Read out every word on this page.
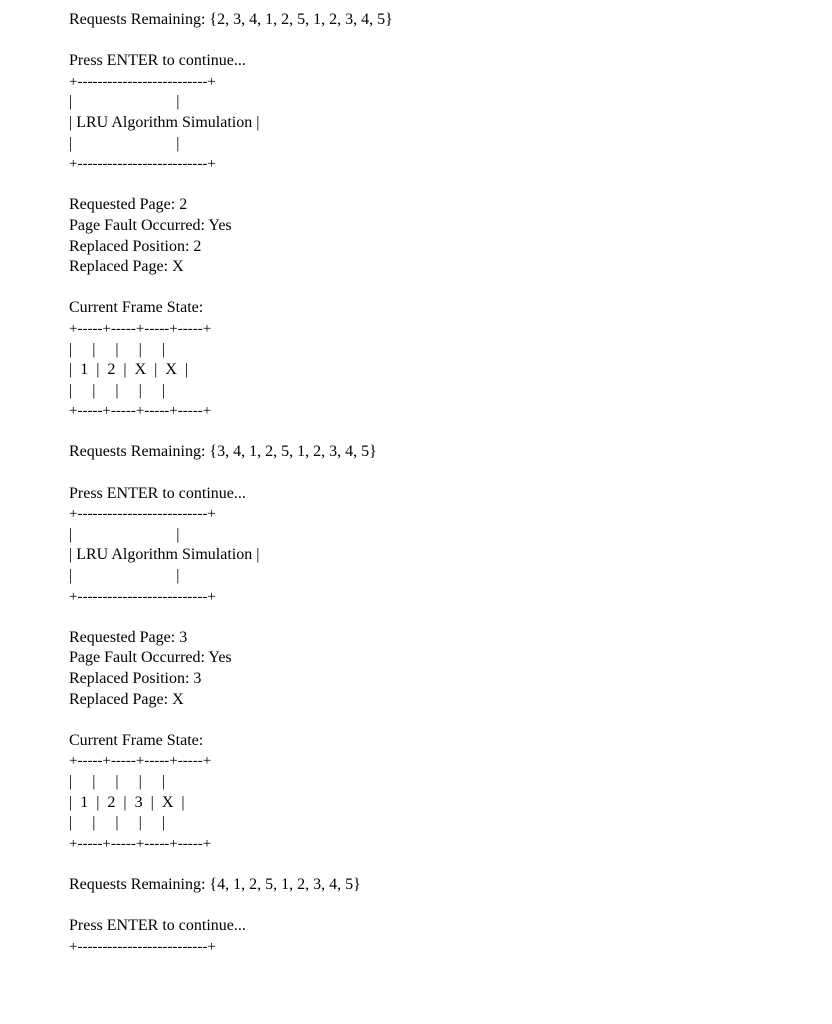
Requests Remaining: {2, 3, 4, 1, 2, 5, 1, 2, 3, 4, 5}
Press ENTER to continue...
+--------------------------+
|                          |
| LRU Algorithm Simulation |
|                          |
+--------------------------+
Requested Page: 2
Page Fault Occurred: Yes
Replaced Position: 2
Replaced Page: X
Current Frame State:
+-----+-----+-----+-----+
|     |     |     |     |
|  1  |  2  |  X  |  X  |
|     |     |     |     |
+-----+-----+-----+-----+
Requests Remaining: {3, 4, 1, 2, 5, 1, 2, 3, 4, 5}
Press ENTER to continue...
+--------------------------+
|                          |
| LRU Algorithm Simulation |
|                          |
+--------------------------+
Requested Page: 3
Page Fault Occurred: Yes
Replaced Position: 3
Replaced Page: X
Current Frame State:
+-----+-----+-----+-----+
|     |     |     |     |
|  1  |  2  |  3  |  X  |
|     |     |     |     |
+-----+-----+-----+-----+
Requests Remaining: {4, 1, 2, 5, 1, 2, 3, 4, 5}
Press ENTER to continue...
+--------------------------+
